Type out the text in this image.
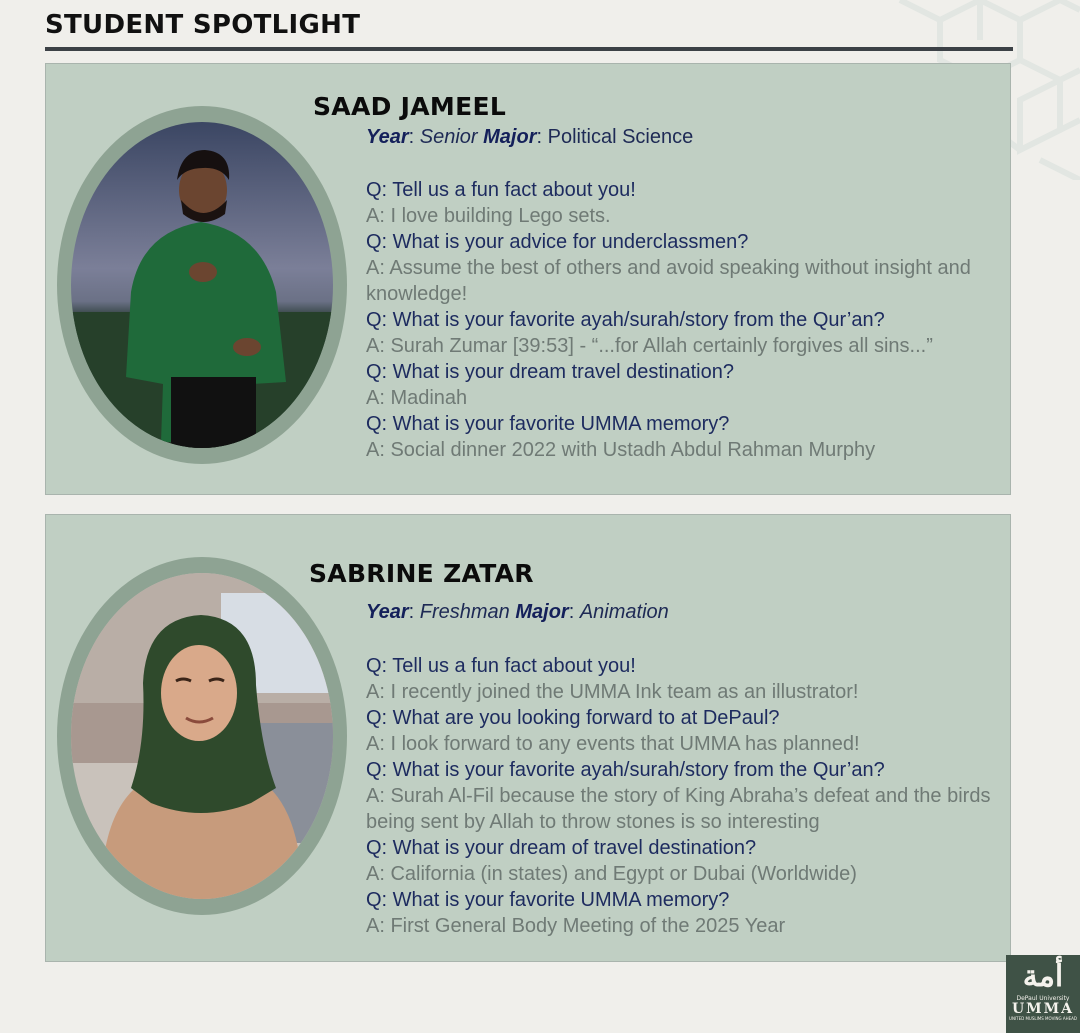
STUDENT SPOTLIGHT
SAAD JAMEEL
Year: Senior Major: Political Science

Q: Tell us a fun fact about you!

A: I love building Lego sets.

Q: What is your advice for underclassmen?

A: Assume the best of others and avoid speaking without insight and knowledge!

Q: What is your favorite ayah/surah/story from the Qur’an?

A: Surah Zumar [39:53] - “...for Allah certainly forgives all sins...”

Q: What is your dream travel destination?

A: Madinah

Q: What is your favorite UMMA memory?

A: Social dinner 2022 with Ustadh Abdul Rahman Murphy

SABRINE ZATAR
Year: Freshman Major: Animation

Q: Tell us a fun fact about you!

A: I recently joined the UMMA Ink team as an illustrator!

Q: What are you looking forward to at DePaul?

A: I look forward to any events that UMMA has planned!

Q: What is your favorite ayah/surah/story from the Qur’an?

A: Surah Al-Fil because the story of King Abraha’s defeat and the birds being sent by Allah to throw stones is so interesting

Q: What is your dream of travel destination?

A: California (in states) and Egypt or Dubai (Worldwide)

Q: What is your favorite UMMA memory?

A: First General Body Meeting of the 2025 Year

أمة
DePaul University
UMMA
UNITED MUSLIMS MOVING AHEAD
